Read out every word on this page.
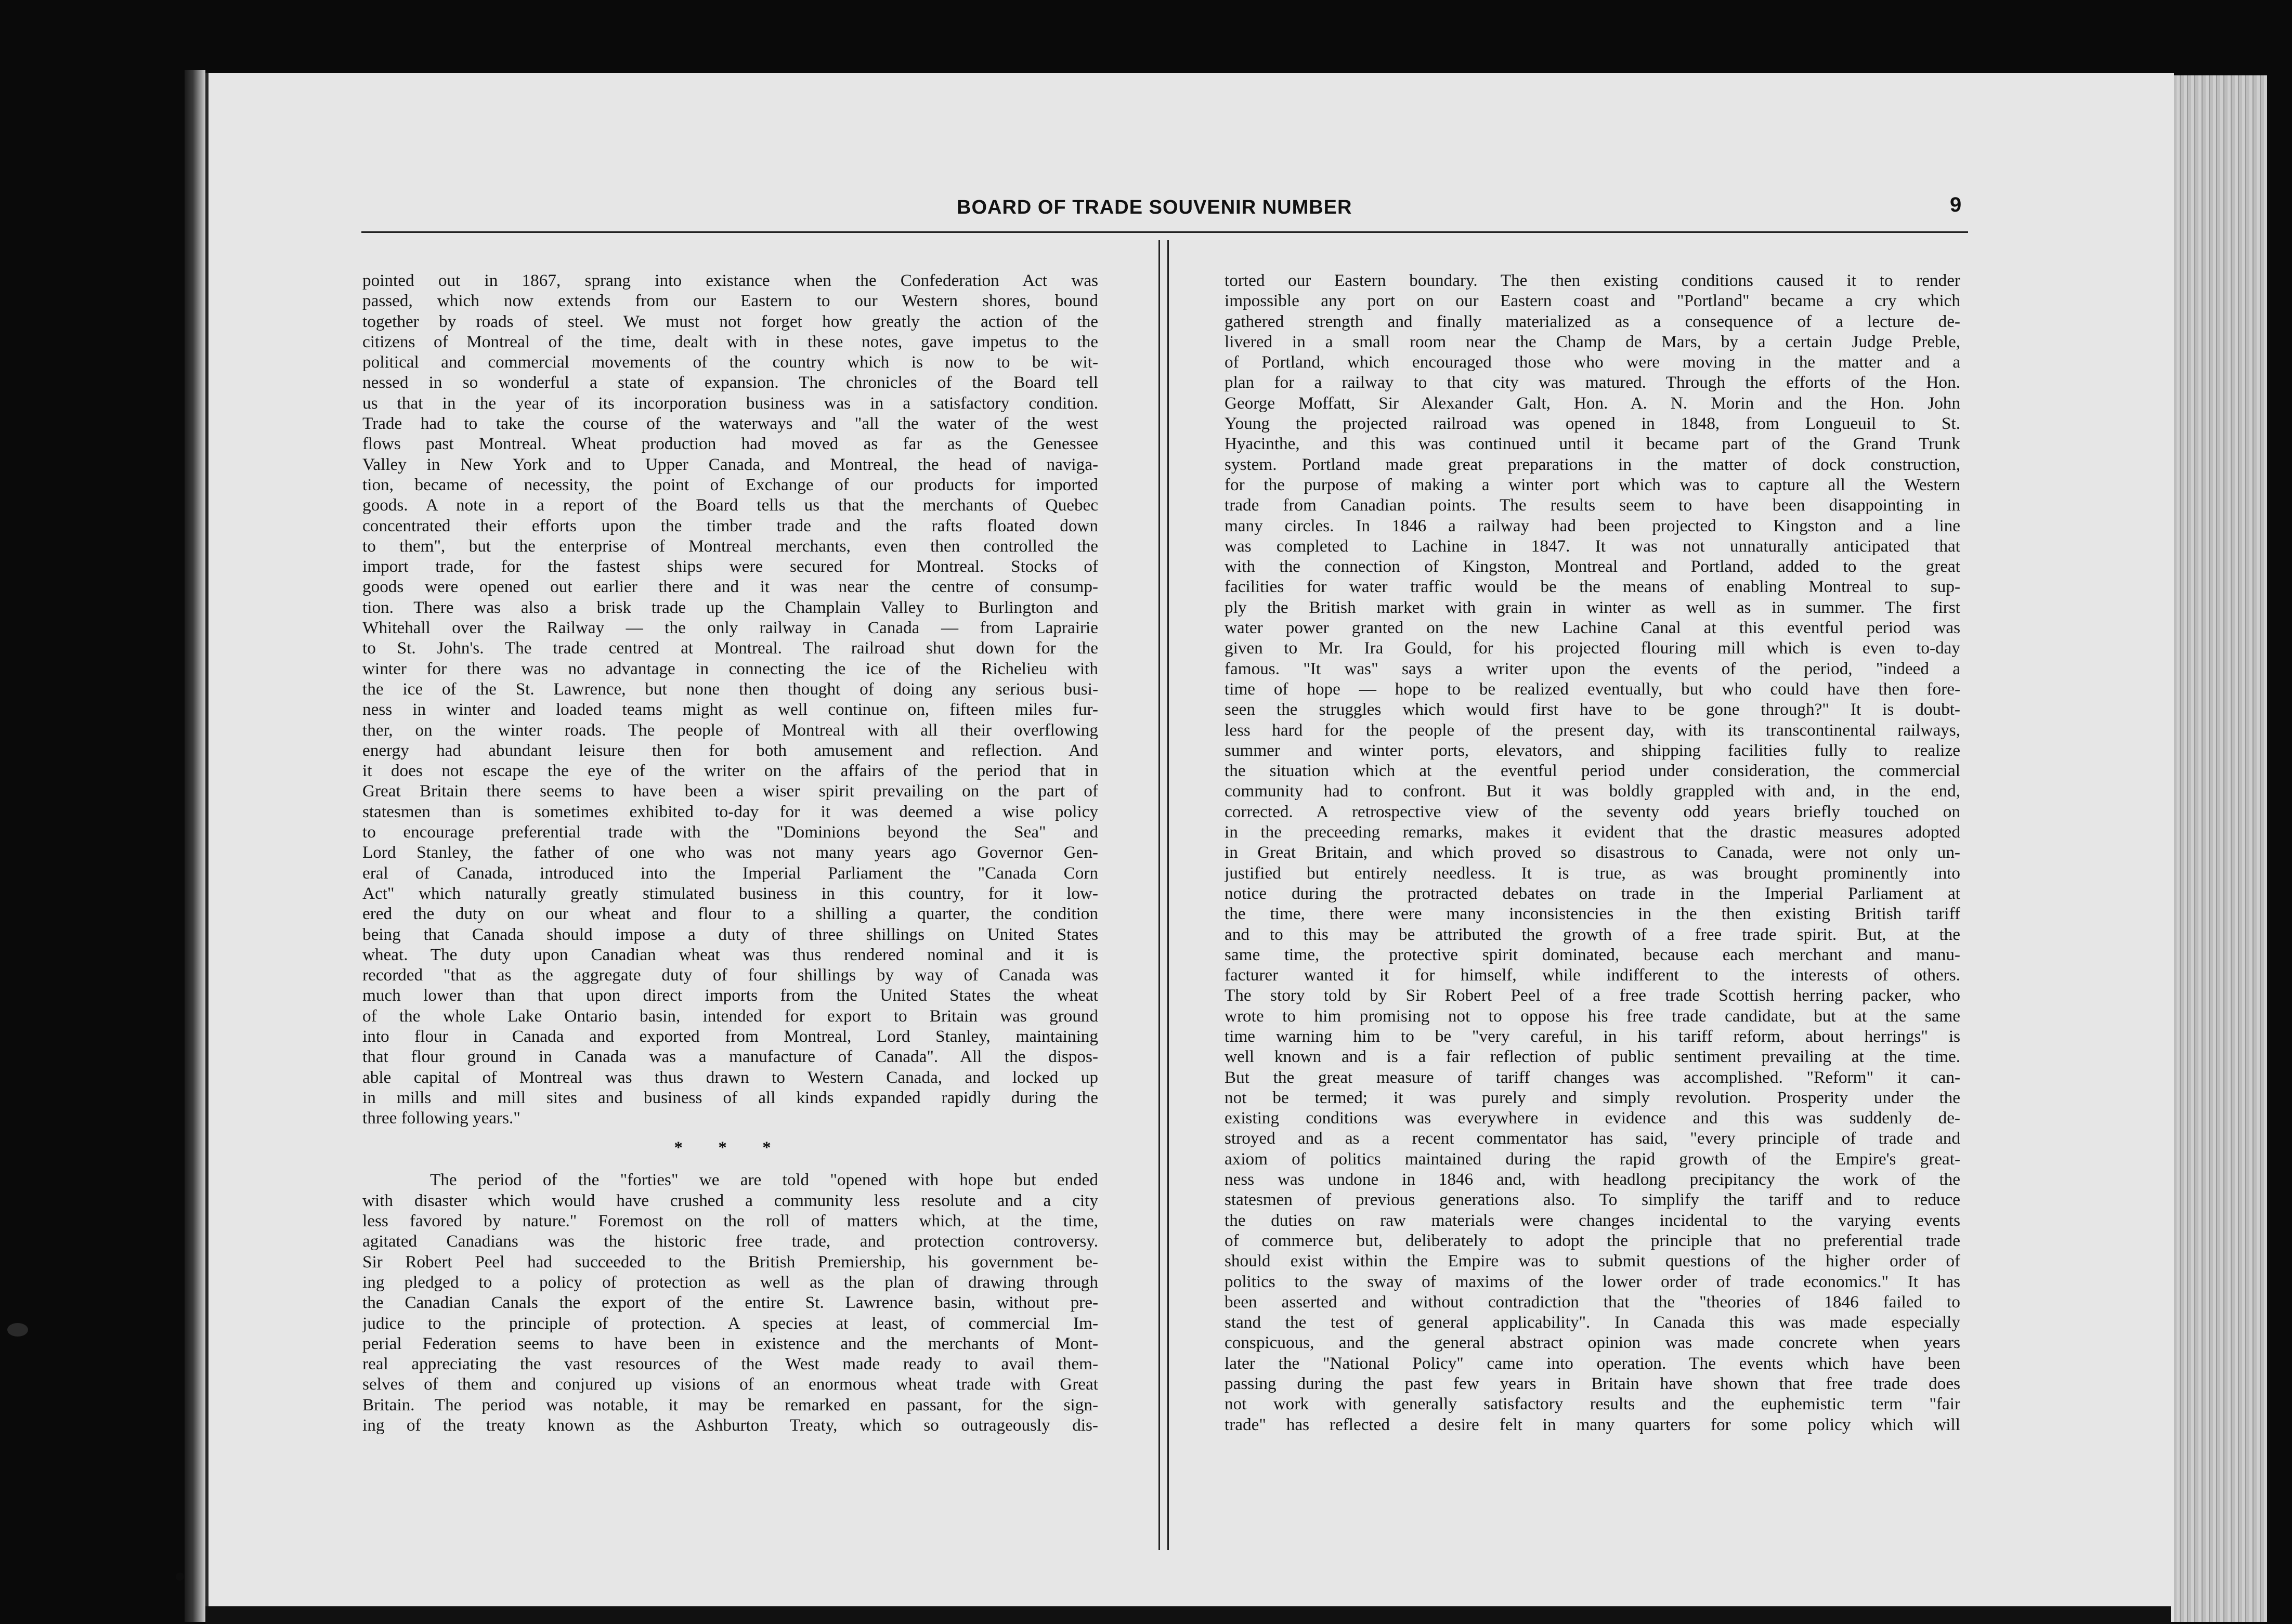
BOARD OF TRADE SOUVENIR NUMBER	9
pointed out in 1867, sprang into existance when the Confederation Act was
passed, which now extends from our Eastern to our Western shores, bound
together by roads of steel. We must not forget how greatly the action of the
citizens of Montreal of the time, dealt with in these notes, gave impetus to the
political and commercial movements of the country which is now to be wit-
nessed in so wonderful a state of expansion. The chronicles of the Board tell
us that in the year of its incorporation business was in a satisfactory condition.
Trade had to take the course of the waterways and "all the water of the west
flows past Montreal. Wheat production had moved as far as the Genessee
Valley in New York and to Upper Canada, and Montreal, the head of naviga-
tion, became of necessity, the point of Exchange of our products for imported
goods. A note in a report of the Board tells us that the merchants of Quebec
concentrated their efforts upon the timber trade and the rafts floated down
to them", but the enterprise of Montreal merchants, even then controlled the
import trade, for the fastest ships were secured for Montreal. Stocks of
goods were opened out earlier there and it was near the centre of consump-
tion. There was also a brisk trade up the Champlain Valley to Burlington and
Whitehall over the Railway — the only railway in Canada — from Laprairie
to St. John's. The trade centred at Montreal. The railroad shut down for the
winter for there was no advantage in connecting the ice of the Richelieu with
the ice of the St. Lawrence, but none then thought of doing any serious busi-
ness in winter and loaded teams might as well continue on, fifteen miles fur-
ther, on the winter roads. The people of Montreal with all their overflowing
energy had abundant leisure then for both amusement and reflection. And
it does not escape the eye of the writer on the affairs of the period that in
Great Britain there seems to have been a wiser spirit prevailing on the part of
statesmen than is sometimes exhibited to-day for it was deemed a wise policy
to encourage preferential trade with the "Dominions beyond the Sea" and
Lord Stanley, the father of one who was not many years ago Governor Gen-
eral of Canada, introduced into the Imperial Parliament the "Canada Corn
Act" which naturally greatly stimulated business in this country, for it low-
ered the duty on our wheat and flour to a shilling a quarter, the condition
being that Canada should impose a duty of three shillings on United States
wheat. The duty upon Canadian wheat was thus rendered nominal and it is
recorded "that as the aggregate duty of four shillings by way of Canada was
much lower than that upon direct imports from the United States the wheat
of the whole Lake Ontario basin, intended for export to Britain was ground
into flour in Canada and exported from Montreal, Lord Stanley, maintaining
that flour ground in Canada was a manufacture of Canada". All the dispos-
able capital of Montreal was thus drawn to Western Canada, and locked up
in mills and mill sites and business of all kinds expanded rapidly during the
three following years."
* * *
The period of the "forties" we are told "opened with hope but ended
with disaster which would have crushed a community less resolute and a city
less favored by nature." Foremost on the roll of matters which, at the time,
agitated Canadians was the historic free trade, and protection controversy.
Sir Robert Peel had succeeded to the British Premiership, his government be-
ing pledged to a policy of protection as well as the plan of drawing through
the Canadian Canals the export of the entire St. Lawrence basin, without pre-
judice to the principle of protection. A species at least, of commercial Im-
perial Federation seems to have been in existence and the merchants of Mont-
real appreciating the vast resources of the West made ready to avail them-
selves of them and conjured up visions of an enormous wheat trade with Great
Britain. The period was notable, it may be remarked en passant, for the sign-
ing of the treaty known as the Ashburton Treaty, which so outrageously dis-
torted our Eastern boundary. The then existing conditions caused it to render
impossible any port on our Eastern coast and "Portland" became a cry which
gathered strength and finally materialized as a consequence of a lecture de-
livered in a small room near the Champ de Mars, by a certain Judge Preble,
of Portland, which encouraged those who were moving in the matter and a
plan for a railway to that city was matured. Through the efforts of the Hon.
George Moffatt, Sir Alexander Galt, Hon. A. N. Morin and the Hon. John
Young the projected railroad was opened in 1848, from Longueuil to St.
Hyacinthe, and this was continued until it became part of the Grand Trunk
system. Portland made great preparations in the matter of dock construction,
for the purpose of making a winter port which was to capture all the Western
trade from Canadian points. The results seem to have been disappointing in
many circles. In 1846 a railway had been projected to Kingston and a line
was completed to Lachine in 1847. It was not unnaturally anticipated that
with the connection of Kingston, Montreal and Portland, added to the great
facilities for water traffic would be the means of enabling Montreal to sup-
ply the British market with grain in winter as well as in summer. The first
water power granted on the new Lachine Canal at this eventful period was
given to Mr. Ira Gould, for his projected flouring mill which is even to-day
famous. "It was" says a writer upon the events of the period, "indeed a
time of hope — hope to be realized eventually, but who could have then fore-
seen the struggles which would first have to be gone through?" It is doubt-
less hard for the people of the present day, with its transcontinental railways,
summer and winter ports, elevators, and shipping facilities fully to realize
the situation which at the eventful period under consideration, the commercial
community had to confront. But it was boldly grappled with and, in the end,
corrected. A retrospective view of the seventy odd years briefly touched on
in the preceeding remarks, makes it evident that the drastic measures adopted
in Great Britain, and which proved so disastrous to Canada, were not only un-
justified but entirely needless. It is true, as was brought prominently into
notice during the protracted debates on trade in the Imperial Parliament at
the time, there were many inconsistencies in the then existing British tariff
and to this may be attributed the growth of a free trade spirit. But, at the
same time, the protective spirit dominated, because each merchant and manu-
facturer wanted it for himself, while indifferent to the interests of others.
The story told by Sir Robert Peel of a free trade Scottish herring packer, who
wrote to him promising not to oppose his free trade candidate, but at the same
time warning him to be "very careful, in his tariff reform, about herrings" is
well known and is a fair reflection of public sentiment prevailing at the time.
But the great measure of tariff changes was accomplished. "Reform" it can-
not be termed; it was purely and simply revolution. Prosperity under the
existing conditions was everywhere in evidence and this was suddenly de-
stroyed and as a recent commentator has said, "every principle of trade and
axiom of politics maintained during the rapid growth of the Empire's great-
ness was undone in 1846 and, with headlong precipitancy the work of the
statesmen of previous generations also. To simplify the tariff and to reduce
the duties on raw materials were changes incidental to the varying events
of commerce but, deliberately to adopt the principle that no preferential trade
should exist within the Empire was to submit questions of the higher order of
politics to the sway of maxims of the lower order of trade economics." It has
been asserted and without contradiction that the "theories of 1846 failed to
stand the test of general applicability". In Canada this was made especially
conspicuous, and the general abstract opinion was made concrete when years
later the "National Policy" came into operation. The events which have been
passing during the past few years in Britain have shown that free trade does
not work with generally satisfactory results and the euphemistic term "fair
trade" has reflected a desire felt in many quarters for some policy which will
